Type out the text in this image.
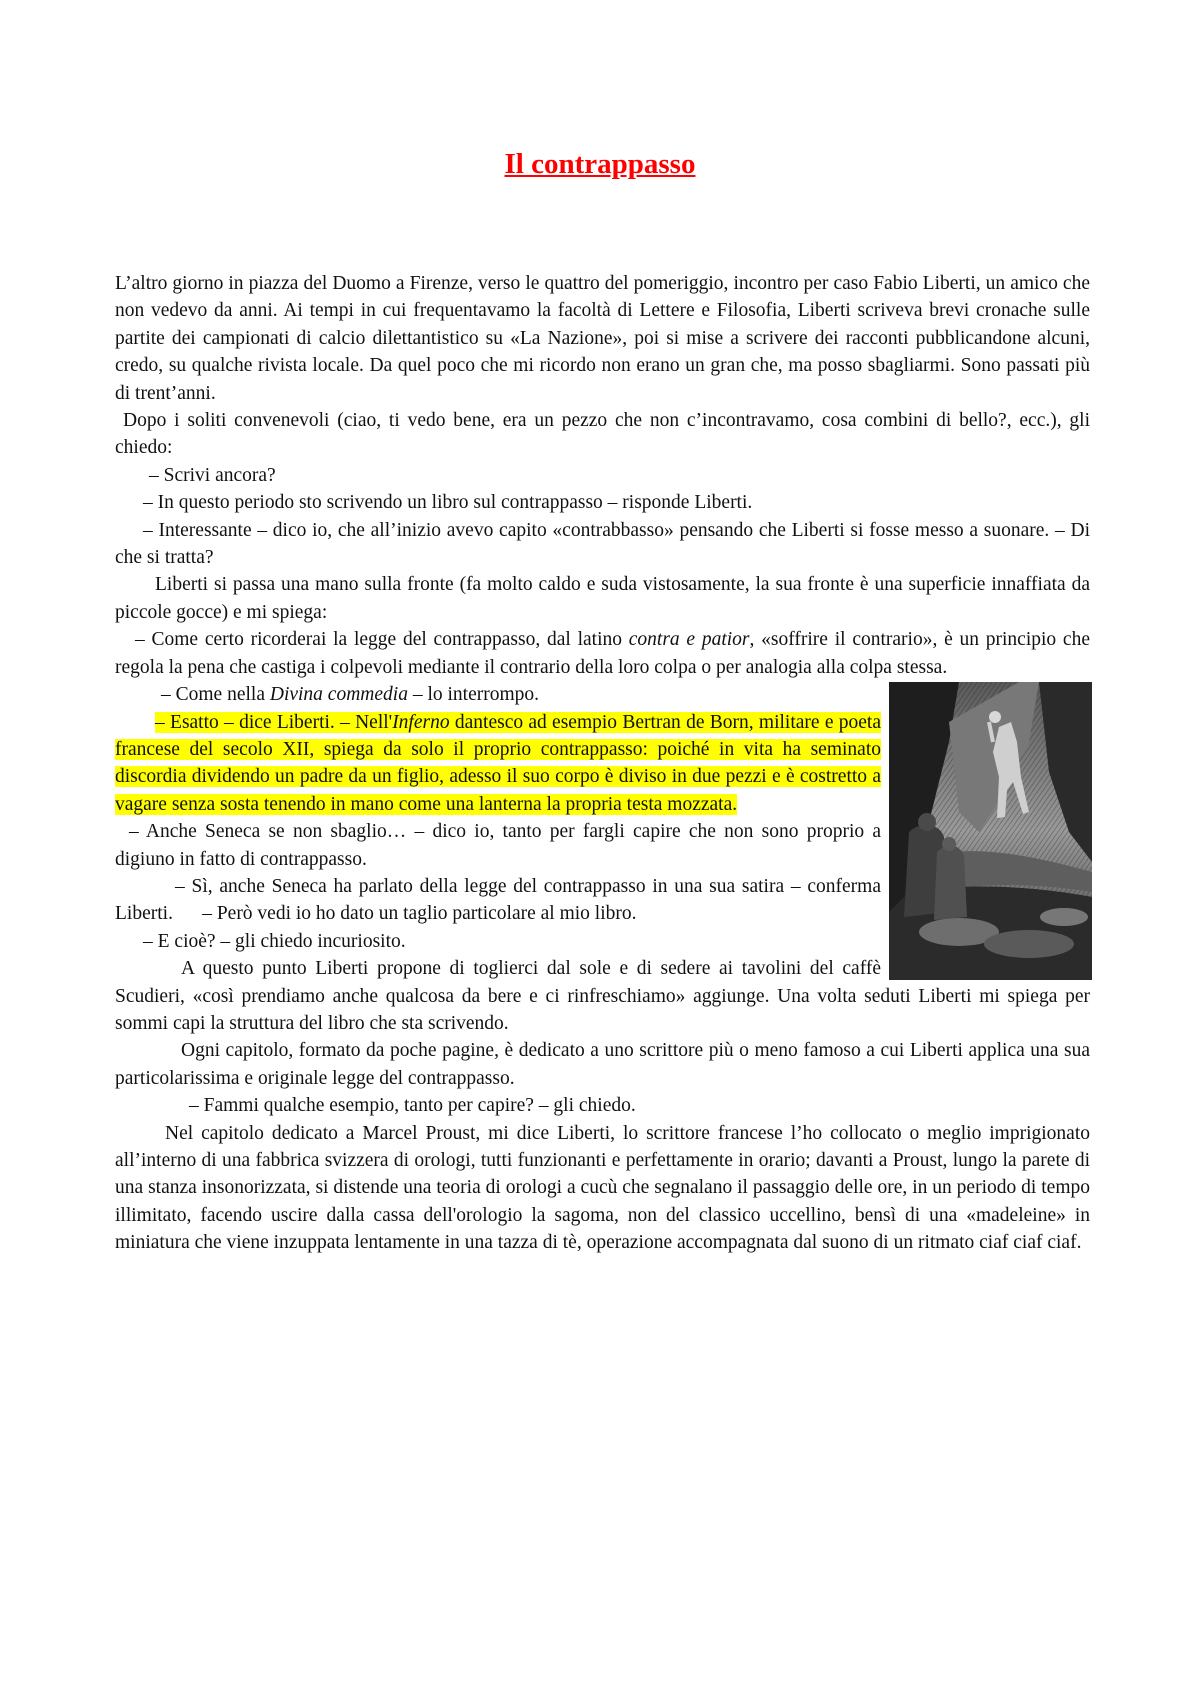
Il contrappasso

L’altro giorno in piazza del Duomo a Firenze, verso le quattro del pomeriggio, incontro per caso Fabio Liberti, un amico che non vedevo da anni. Ai tempi in cui frequentavamo la facoltà di Lettere e Filosofia, Liberti scriveva brevi cronache sulle partite dei campionati di calcio dilettantistico su «La Nazione», poi si mise a scrivere dei racconti pubblicandone alcuni, credo, su qualche rivista locale. Da quel poco che mi ricordo non erano un gran che, ma posso sbagliarmi. Sono passati più di trent’anni.

Dopo i soliti convenevoli (ciao, ti vedo bene, era un pezzo che non c’incontravamo, cosa combini di bello?, ecc.), gli chiedo:

– Scrivi ancora?

– In questo periodo sto scrivendo un libro sul contrappasso – risponde Liberti.

– Interessante – dico io, che all’inizio avevo capito «contrabbasso» pensando che Liberti si fosse messo a suonare. – Di che si tratta?

Liberti si passa una mano sulla fronte (fa molto caldo e suda vistosamente, la sua fronte è una superficie innaffiata da piccole gocce) e mi spiega:

– Come certo ricorderai la legge del contrappasso, dal latino contra e patior, «soffrire il contrario», è un principio che regola la pena che castiga i colpevoli mediante il contrario della loro colpa o per analogia alla colpa stessa.

– Come nella Divina commedia – lo interrompo.

– Esatto – dice Liberti. – Nell'Inferno dantesco ad esempio Bertran de Born, militare e poeta francese del secolo XII, spiega da solo il proprio contrappasso: poiché in vita ha seminato discordia dividendo un padre da un figlio, adesso il suo corpo è diviso in due pezzi e è costretto a vagare senza sosta tenendo in mano come una lanterna la propria testa mozzata.

– Anche Seneca se non sbaglio… – dico io, tanto per fargli capire che non sono proprio a digiuno in fatto di contrappasso.

– Sì, anche Seneca ha parlato della legge del contrappasso in una sua satira – conferma Liberti.      – Però vedi io ho dato un taglio particolare al mio libro.

– E cioè? – gli chiedo incuriosito.

A questo punto Liberti propone di toglierci dal sole e di sedere ai tavolini del caffè Scudieri, «così prendiamo anche qualcosa da bere e ci rinfreschiamo» aggiunge. Una volta seduti Liberti mi spiega per sommi capi la struttura del libro che sta scrivendo.

Ogni capitolo, formato da poche pagine, è dedicato a uno scrittore più o meno famoso a cui Liberti applica una sua particolarissima e originale legge del contrappasso.

– Fammi qualche esempio, tanto per capire? – gli chiedo.

Nel capitolo dedicato a Marcel Proust, mi dice Liberti, lo scrittore francese l’ho collocato o meglio imprigionato all’interno di una fabbrica svizzera di orologi, tutti funzionanti e perfettamente in orario; davanti a Proust, lungo la parete di una stanza insonorizzata, si distende una teoria di orologi a cucù che segnalano il passaggio delle ore, in un periodo di tempo illimitato, facendo uscire dalla cassa dell'orologio la sagoma, non del classico uccellino, bensì di una «madeleine» in miniatura che viene inzuppata lentamente in una tazza di tè, operazione accompagnata dal suono di un ritmato ciaf ciaf ciaf.
